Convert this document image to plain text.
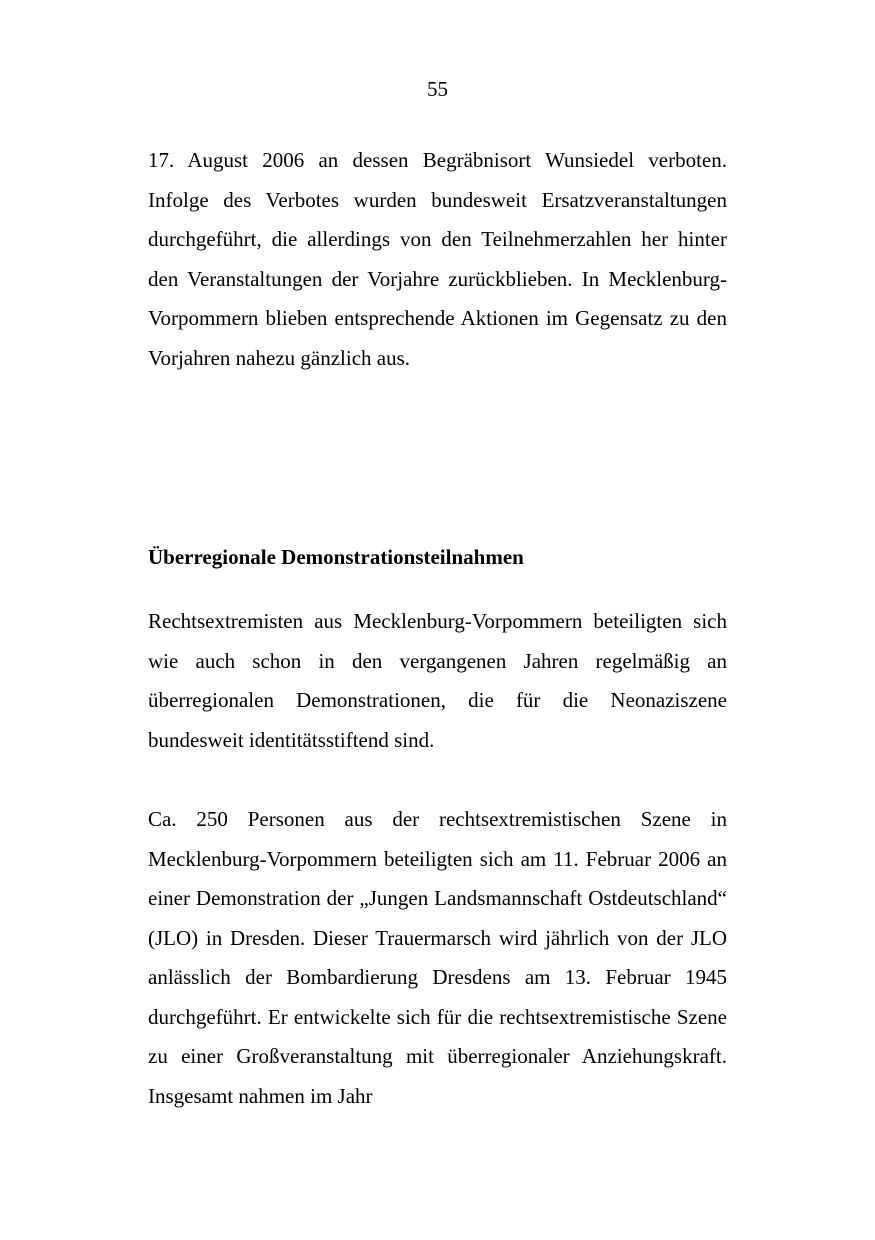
55

17. August 2006 an dessen Begräbnisort Wunsiedel verboten. Infolge des Verbotes wurden bundesweit Ersatzveranstaltungen durchgeführt, die allerdings von den Teilnehmerzahlen her hinter den Veranstaltungen der Vorjahre zurückblieben. In Mecklenburg-Vorpommern blieben entsprechende Aktionen im Gegensatz zu den Vorjahren nahezu gänzlich aus.

Überregionale Demonstrationsteilnahmen

Rechtsextremisten aus Mecklenburg-Vorpommern beteiligten sich wie auch schon in den vergangenen Jahren regelmäßig an überregionalen Demonstrationen, die für die Neonaziszene bundesweit identitätsstiftend sind.

Ca. 250 Personen aus der rechtsextremistischen Szene in Mecklenburg-Vorpommern beteiligten sich am 11. Februar 2006 an einer Demonstration der „Jungen Landsmannschaft Ostdeutschland“ (JLO) in Dresden. Dieser Trauermarsch wird jährlich von der JLO anlässlich der Bombardierung Dresdens am 13. Februar 1945 durchgeführt. Er entwickelte sich für die rechtsextremistische Szene zu einer Großveranstaltung mit überregionaler Anziehungskraft. Insgesamt nahmen im Jahr
